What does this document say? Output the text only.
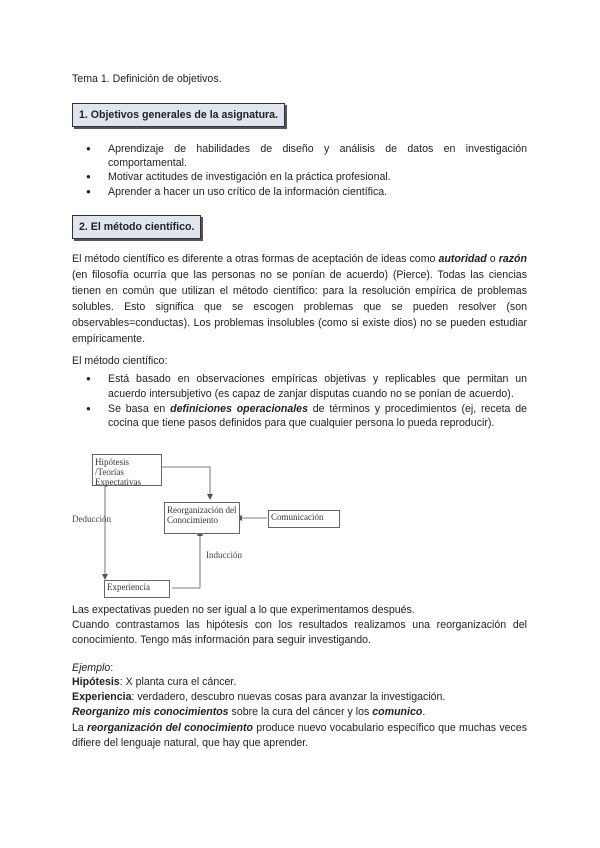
Tema 1. Definición de objetivos.
1. Objetivos generales de la asignatura.
● Aprendizaje de habilidades de diseño y análisis de datos en investigación comportamental.
● Motivar actitudes de investigación en la práctica profesional.
● Aprender a hacer un uso crítico de la información científica.
2. El método científico.

El método científico es diferente a otras formas de aceptación de ideas como autoridad o razón (en filosofía ocurría que las personas no se ponían de acuerdo) (Pierce). Todas las ciencias tienen en común que utilizan el método científico: para la resolución empírica de problemas solubles. Esto significa que se escogen problemas que se pueden resolver (son observables=conductas). Los problemas insolubles (como si existe dios) no se pueden estudiar empíricamente.

El método científico:
● Está basado en observaciones empíricas objetivas y replicables que permitan un acuerdo intersubjetivo (es capaz de zanjar disputas cuando no se ponían de acuerdo).
● Se basa en definiciones operacionales de términos y procedimientos (ej, receta de cocina que tiene pasos definidos para que cualquier persona lo pueda reproducir).
Hipótesis /Teorías Expectativas
Reorganización del Conocimiento	Comunicación
Experiencia
Deducción
Inducción
Las expectativas pueden no ser igual a lo que experimentamos después.

Cuando contrastamos las hipótesis con los resultados realizamos una reorganización del conocimiento. Tengo más información para seguir investigando.

Ejemplo:
Hipótesis: X planta cura el cáncer.
Experiencia: verdadero, descubro nuevas cosas para avanzar la investigación.
Reorganizo mis conocimientos sobre la cura del cáncer y los comunico.

La reorganización del conocimiento produce nuevo vocabulario específico que muchas veces difiere del lenguaje natural, que hay que aprender.
